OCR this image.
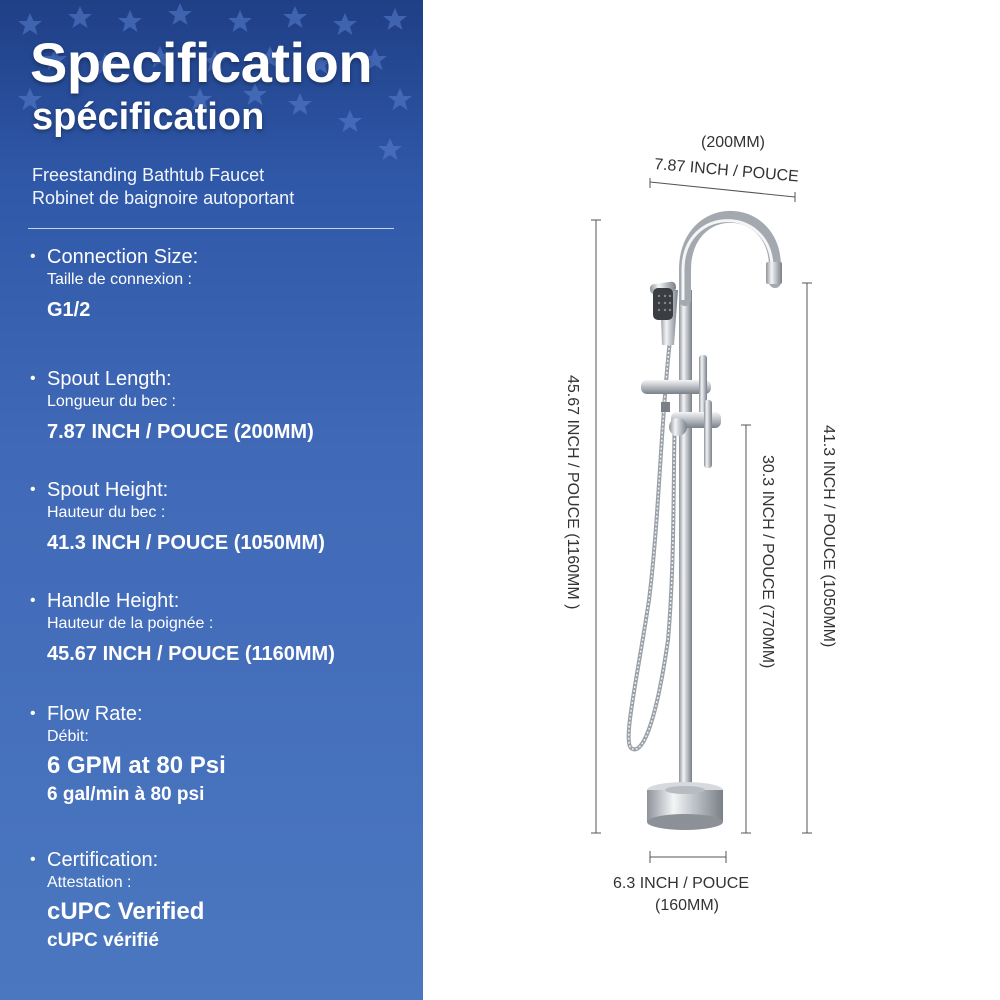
Specification
spécification
Freestanding Bathtub Faucet
Robinet de baignoire autoportant
• Connection Size:
Taille de connexion :
G1/2
• Spout Length:
Longueur du bec :
7.87 INCH / POUCE (200MM)
• Spout Height:
Hauteur du bec :
41.3 INCH / POUCE (1050MM)
• Handle Height:
Hauteur de la poignée :
45.67 INCH / POUCE (1160MM)
• Flow Rate:
Débit:
6 GPM at 80 Psi
6 gal/min à 80 psi
• Certification:
Attestation :
cUPC Verified
cUPC vérifié
(200MM)
7.87 INCH / POUCE
45.67 INCH / POUCE (1160MM )	30.3 INCH / POUCE (770MM)	41.3 INCH / POUCE (1050MM)
6.3 INCH / POUCE
(160MM)
